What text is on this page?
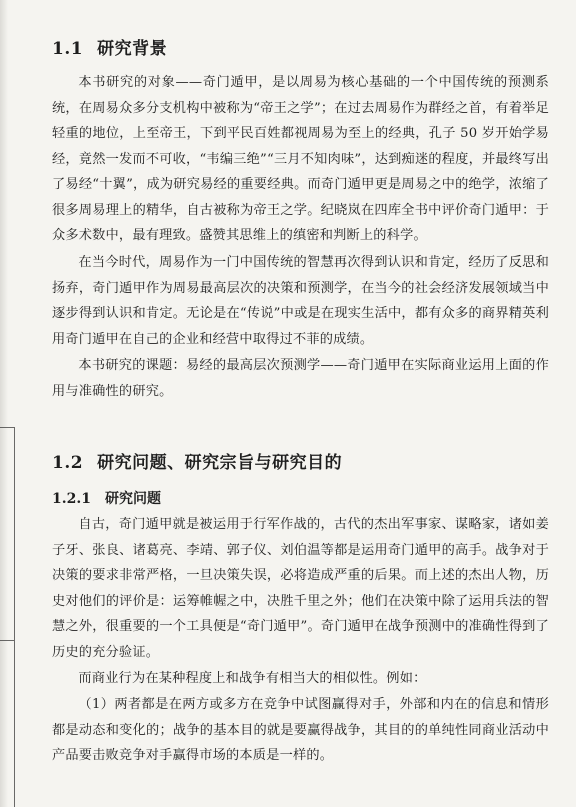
1.1 研究背景

本书研究的对象——奇门遁甲，是以周易为核心基础的一个中国传统的预测系统，在周易众多分支机构中被称为“帝王之学”；在过去周易作为群经之首，有着举足轻重的地位，上至帝王，下到平民百姓都视周易为至上的经典，孔子 50 岁开始学易经，竟然一发而不可收，“韦编三绝”“三月不知肉味”，达到痴迷的程度，并最终写出了易经“十翼”，成为研究易经的重要经典。而奇门遁甲更是周易之中的绝学，浓缩了很多周易理上的精华，自古被称为帝王之学。纪晓岚在四库全书中评价奇门遁甲：于众多术数中，最有理致。盛赞其思维上的缜密和判断上的科学。

在当今时代，周易作为一门中国传统的智慧再次得到认识和肯定，经历了反思和扬弃，奇门遁甲作为周易最高层次的决策和预测学，在当今的社会经济发展领域当中逐步得到认识和肯定。无论是在“传说”中或是在现实生活中，都有众多的商界精英利用奇门遁甲在自己的企业和经营中取得过不菲的成绩。

本书研究的课题：易经的最高层次预测学——奇门遁甲在实际商业运用上面的作用与准确性的研究。

1.2 研究问题、研究宗旨与研究目的
1.2.1 研究问题

自古，奇门遁甲就是被运用于行军作战的，古代的杰出军事家、谋略家，诸如姜子牙、张良、诸葛亮、李靖、郭子仪、刘伯温等都是运用奇门遁甲的高手。战争对于决策的要求非常严格，一旦决策失误，必将造成严重的后果。而上述的杰出人物，历史对他们的评价是：运筹帷幄之中，决胜千里之外；他们在决策中除了运用兵法的智慧之外，很重要的一个工具便是“奇门遁甲”。奇门遁甲在战争预测中的准确性得到了历史的充分验证。

而商业行为在某种程度上和战争有相当大的相似性。例如：

（1）两者都是在两方或多方在竞争中试图赢得对手，外部和内在的信息和情形都是动态和变化的；战争的基本目的就是要赢得战争，其目的的单纯性同商业活动中产品要击败竞争对手赢得市场的本质是一样的。
